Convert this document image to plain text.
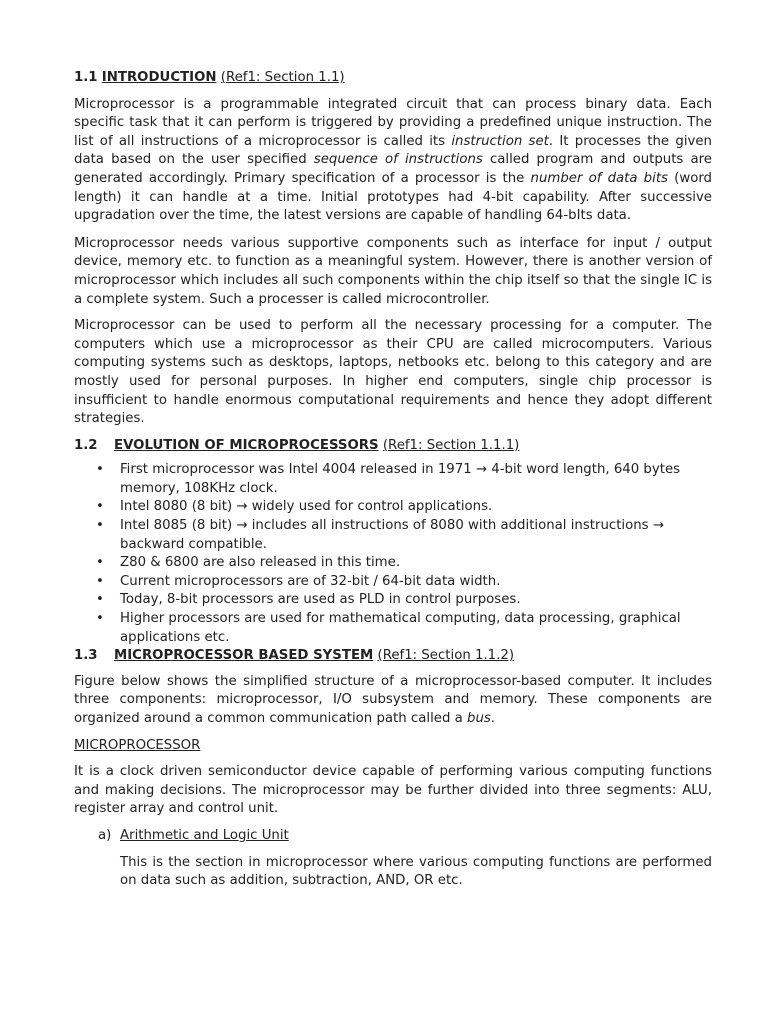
1.1 INTRODUCTION (Ref1: Section 1.1)

Microprocessor is a programmable integrated circuit that can process binary data. Each specific task that it can perform is triggered by providing a predefined unique instruction. The list of all instructions of a microprocessor is called its instruction set. It processes the given data based on the user specified sequence of instructions called program and outputs are generated accordingly. Primary specification of a processor is the number of data bits (word length) it can handle at a time. Initial prototypes had 4-bit capability. After successive upgradation over the time, the latest versions are capable of handling 64-bIts data.

Microprocessor needs various supportive components such as interface for input / output device, memory etc. to function as a meaningful system. However, there is another version of microprocessor which includes all such components within the chip itself so that the single IC is a complete system. Such a processer is called microcontroller.

Microprocessor can be used to perform all the necessary processing for a computer. The computers which use a microprocessor as their CPU are called microcomputers. Various computing systems such as desktops, laptops, netbooks etc. belong to this category and are mostly used for personal purposes. In higher end computers, single chip processor is insufficient to handle enormous computational requirements and hence they adopt different strategies.

1.2 EVOLUTION OF MICROPROCESSORS (Ref1: Section 1.1.1)
• First microprocessor was Intel 4004 released in 1971 → 4-bit word length, 640 bytes memory, 108KHz clock.
• Intel 8080 (8 bit) → widely used for control applications.
• Intel 8085 (8 bit) → includes all instructions of 8080 with additional instructions → backward compatible.
• Z80 & 6800 are also released in this time.
• Current microprocessors are of 32-bit / 64-bit data width.
• Today, 8-bit processors are used as PLD in control purposes.
• Higher processors are used for mathematical computing, data processing, graphical applications etc.
1.3 MICROPROCESSOR BASED SYSTEM (Ref1: Section 1.1.2)

Figure below shows the simplified structure of a microprocessor-based computer. It includes three components: microprocessor, I/O subsystem and memory. These components are organized around a common communication path called a bus.

MICROPROCESSOR

It is a clock driven semiconductor device capable of performing various computing functions and making decisions. The microprocessor may be further divided into three segments: ALU, register array and control unit.

a) Arithmetic and Logic Unit

This is the section in microprocessor where various computing functions are performed on data such as addition, subtraction, AND, OR etc.
